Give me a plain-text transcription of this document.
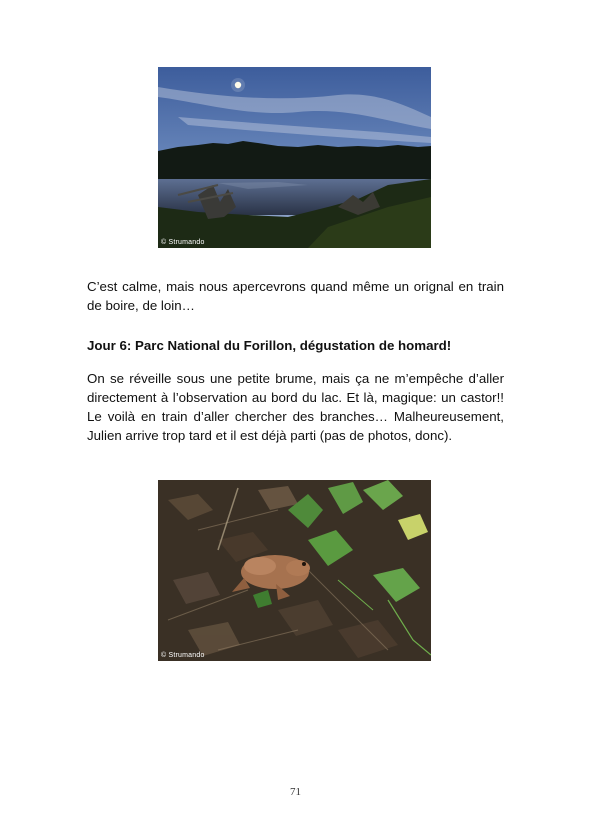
© Strumando

C’est calme, mais nous apercevrons quand même un orignal en train de boire, de loin…

Jour 6: Parc National du Forillon, dégustation de homard!

On se réveille sous une petite brume, mais ça ne m’empêche d’aller directement à l’observation au bord du lac. Et là, magique: un castor!! Le voilà en train d’aller chercher des branches… Malheureusement, Julien arrive trop tard et il est déjà parti (pas de photos, donc).

© Strumando
71
